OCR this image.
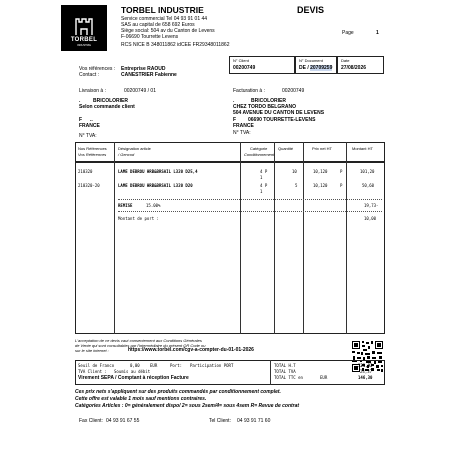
TORBEL
INDUSTRIE
TORBEL INDUSTRIE
Service commercial Tel 04 93 91 01 44
SAS au capital de 658 692 Euros
Siège social: 504 av du Canton de Levens
F-06690 Tourrette Levens
RCS NICE B 348011862 idCEE FR29348011862
DEVIS
Page	1
N° Client
00200749
N° Document
DE / 20709259
Date
27/08/2026
Vos références : Entreprise RAOUD
Contact :	CANESTRIER Fabienne
Livraison à :	00200749 / 01	Facturation à :	00200749
.	BRICOLORIER
Selon commande client
F ..
FRANCE
N° TVA:
.	BRICOLORIER
CHEZ TORDO BELGRANO
504 AVENUE DU CANTON DE LEVENS
F 06690 TOURRETTE-LEVENS
FRANCE
N° TVA:
Nos Références
Vos Références
Désignation article
/ Gencod
Catégorie
Conditionnement
Quantité	Prix net HT	Montant HT
210320	LAME DEBROU HRB&BRSAIL L320 D25,4	4 P
1
10	10,120	P	101,20
210320-20	LAME DEBROU HRB&BRSAIL L320 D20	4 P
1
5	10,120	P	50,60
REMISE	15.00%	19,73-
Montant de port :	10,00
L'acceptation de ce devis vaut consentement aux Conditions Générales
de Vente qui sont consultables par l'intermédiaire du présent QR Code ou
sur le site internet :	https://www.torbel.com/cgv-a-compter-du-01-01-2026
Seuil de Franco	0,00	EUR	Port: Participation PORT
TVA Client : Soumis au débit
Virement SEPA / Comptant à réception Facture
TOTAL H.T	121,93
TOTAL TVA	24,37
TOTAL TTC en	EUR	146,30
Ces prix nets s'appliquent sur des produits commandés par conditionnement complet.
Cette offre est valable 1 mois sauf mentions contraires.
Catégories Articles : 0= généralement dispo/ 2= sous 2sem/4= sous 4sem R= Revue de contrat
Fax Client: 04 93 91 67 55	Tel Client: 04 93 91 71 60
